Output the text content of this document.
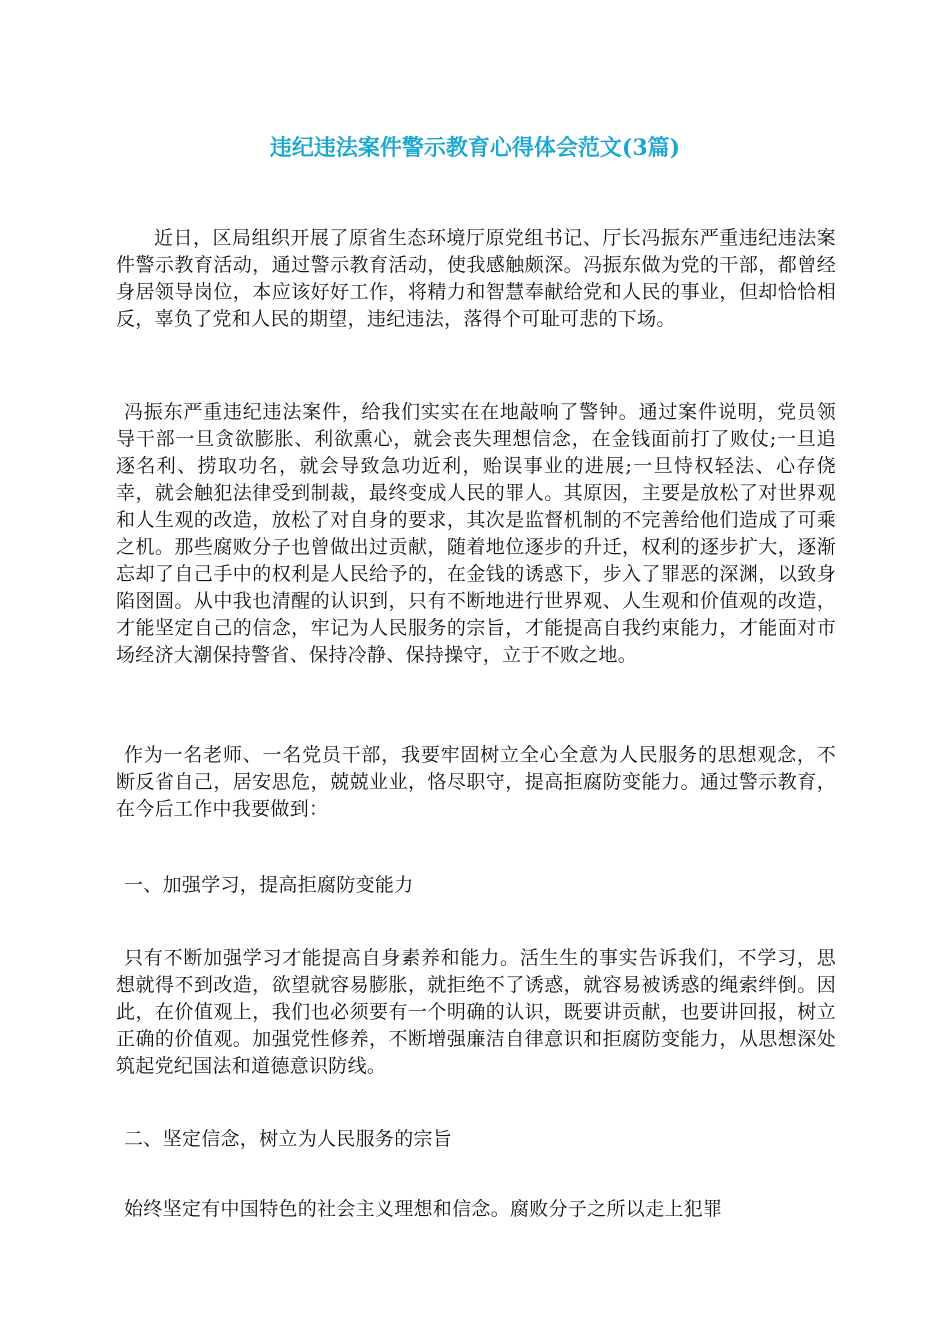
违纪违法案件警示教育心得体会范文(3篇)

近日，区局组织开展了原省生态环境厅原党组书记、厅长冯振东严重违纪违法案件警示教育活动，通过警示教育活动，使我感触颇深。冯振东做为党的干部，都曾经身居领导岗位，本应该好好工作，将精力和智慧奉献给党和人民的事业，但却恰恰相反，辜负了党和人民的期望，违纪违法，落得个可耻可悲的下场。

冯振东严重违纪违法案件，给我们实实在在地敲响了警钟。通过案件说明，党员领导干部一旦贪欲膨胀、利欲熏心，就会丧失理想信念，在金钱面前打了败仗;一旦追逐名利、捞取功名，就会导致急功近利，贻误事业的进展;一旦恃权轻法、心存侥幸，就会触犯法律受到制裁，最终变成人民的罪人。其原因，主要是放松了对世界观和人生观的改造，放松了对自身的要求，其次是监督机制的不完善给他们造成了可乘之机。那些腐败分子也曾做出过贡献，随着地位逐步的升迁，权利的逐步扩大，逐渐忘却了自己手中的权利是人民给予的，在金钱的诱惑下，步入了罪恶的深渊，以致身陷囹圄。从中我也清醒的认识到，只有不断地进行世界观、人生观和价值观的改造，才能坚定自己的信念，牢记为人民服务的宗旨，才能提高自我约束能力，才能面对市场经济大潮保持警省、保持冷静、保持操守，立于不败之地。

作为一名老师、一名党员干部，我要牢固树立全心全意为人民服务的思想观念，不断反省自己，居安思危，兢兢业业，恪尽职守，提高拒腐防变能力。通过警示教育，在今后工作中我要做到：

一、加强学习，提高拒腐防变能力

只有不断加强学习才能提高自身素养和能力。活生生的事实告诉我们，不学习，思想就得不到改造，欲望就容易膨胀，就拒绝不了诱惑，就容易被诱惑的绳索绊倒。因此，在价值观上，我们也必须要有一个明确的认识，既要讲贡献，也要讲回报，树立正确的价值观。加强党性修养，不断增强廉洁自律意识和拒腐防变能力，从思想深处筑起党纪国法和道德意识防线。

二、坚定信念，树立为人民服务的宗旨

始终坚定有中国特色的社会主义理想和信念。腐败分子之所以走上犯罪
